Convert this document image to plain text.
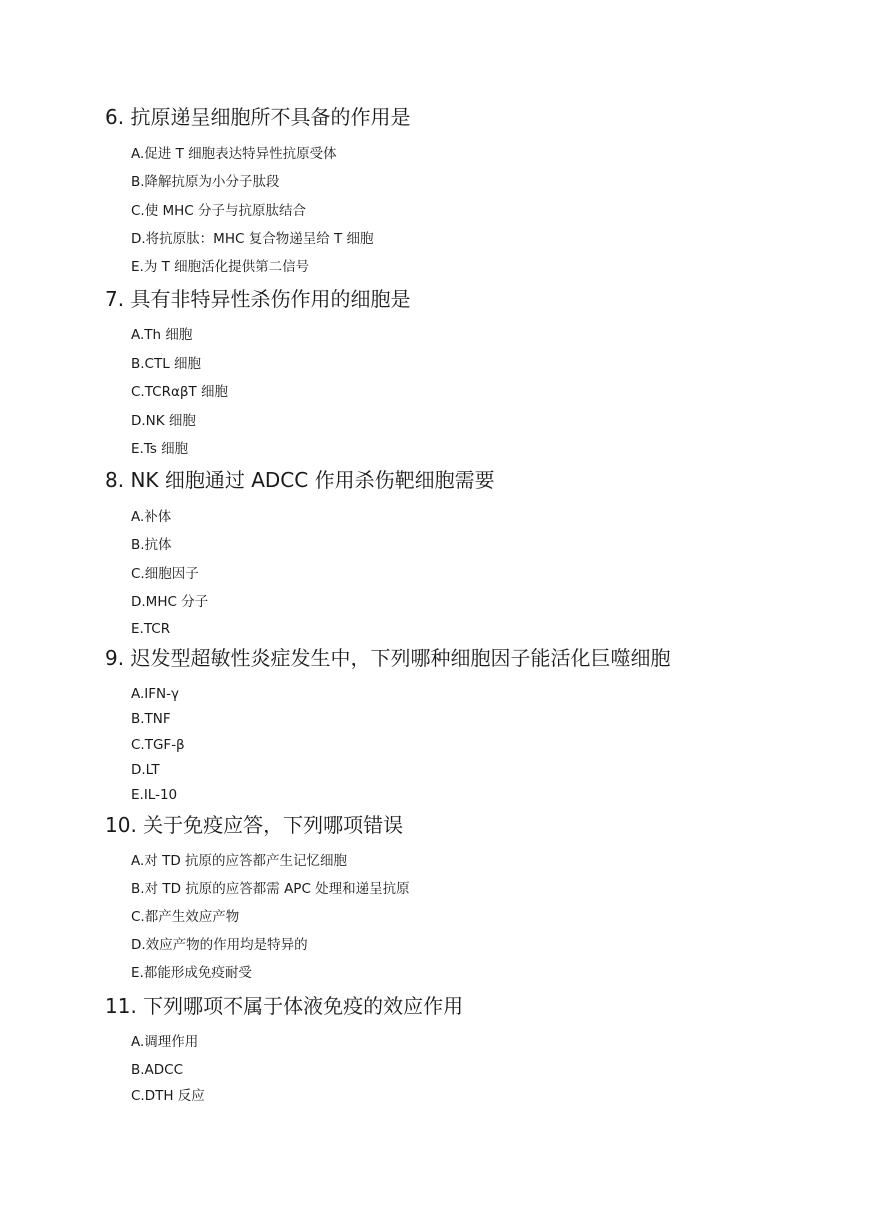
6. 抗原递呈细胞所不具备的作用是
A.促进 T 细胞表达特异性抗原受体
B.降解抗原为小分子肽段
C.使 MHC 分子与抗原肽结合
D.将抗原肽：MHC 复合物递呈给 T 细胞
E.为 T 细胞活化提供第二信号
7. 具有非特异性杀伤作用的细胞是
A.Th 细胞
B.CTL 细胞
C.TCRαβT 细胞
D.NK 细胞
E.Ts 细胞
8. NK 细胞通过 ADCC 作用杀伤靶细胞需要
A.补体
B.抗体
C.细胞因子
D.MHC 分子
E.TCR
9. 迟发型超敏性炎症发生中，下列哪种细胞因子能活化巨噬细胞
A.IFN-γ
B.TNF
C.TGF-β
D.LT
E.IL-10
10. 关于免疫应答，下列哪项错误
A.对 TD 抗原的应答都产生记忆细胞
B.对 TD 抗原的应答都需 APC 处理和递呈抗原
C.都产生效应产物
D.效应产物的作用均是特异的
E.都能形成免疫耐受
11. 下列哪项不属于体液免疫的效应作用
A.调理作用
B.ADCC
C.DTH 反应
